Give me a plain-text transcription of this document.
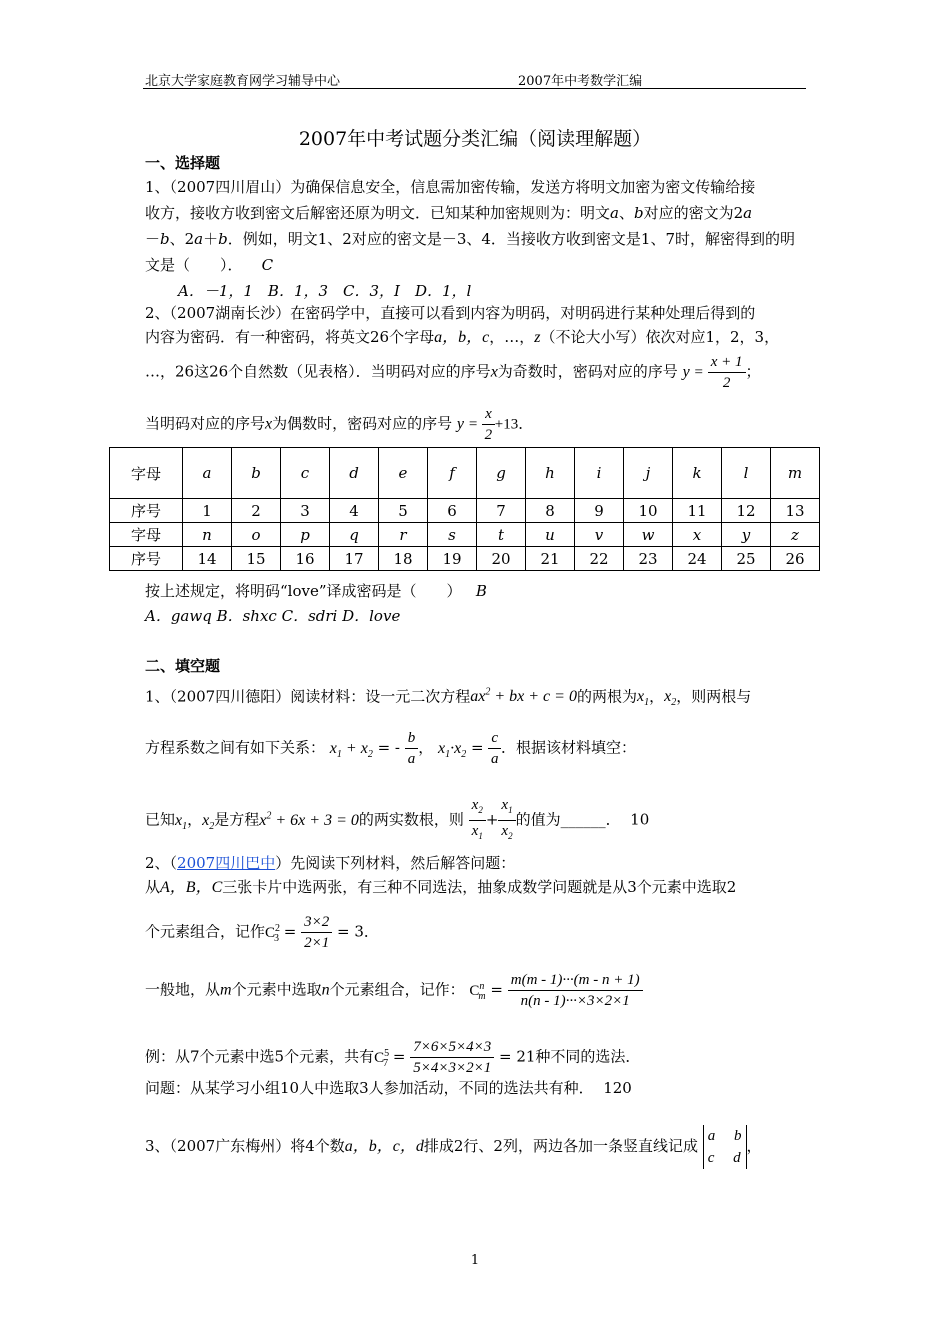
北京大学家庭教育网学习辅导中心	2007年中考数学汇编
2007年中考试题分类汇编（阅读理解题）
一、选择题
1、（2007四川眉山）为确保信息安全，信息需加密传输，发送方将明文加密为密文传输给接
收方，接收方收到密文后解密还原为明文．已知某种加密规则为：明文a、b对应的密文为2a
－b、2a＋b．例如，明文1、2对应的密文是－3、4．当接收方收到密文是1、7时，解密得到的明
文是（　　）． C
A．－1，1　B．1，3　C．3，I　D．1，l
2、（2007湖南长沙）在密码学中，直接可以看到内容为明码，对明码进行某种处理后得到的
内容为密码．有一种密码，将英文26个字母a，b，c，…，z（不论大小写）依次对应1，2，3，
…，26这26个自然数（见表格）．当明码对应的序号x为奇数时，密码对应的序号 $y = \frac{x + 1}{2}$ ；
当明码对应的序号x为偶数时，密码对应的序号 $y = \frac{x}{2} +13$．
字母	a	b	c	d	e	f	g	h	i	j	k	l	m
序号	1	2	3	4	5	6	7	8	9	10	11	12	13
字母	n	o	p	q	r	s	t	u	v	w	x	y	z
序号	14	15	16	17	18	19	20	21	22	23	24	25	26
按上述规定，将明码“love”译成密码是（　　） B
A．gawq B．shxc C．sdri D．love
二、填空题
1、（2007四川德阳）阅读材料：设一元二次方程$ax^2$ + bx + c = 0的两根为$x_1$，$x_2$，则两根与
方程系数之间有如下关系： $x_1 + x_2$ = - $\frac{b}{a}$ ， $x_1\cdot x_2 = \frac{c}{a}$ ．根据该材料填空：
已知$x_1$，$x_2$是方程$x^2 + 6x + 3 = 0$的两实数根，则 $\frac{x_2}{x_1} + \frac{x_1}{x_2}$ 的值为______． 10
2、（2007四川巴中）先阅读下列材料，然后解答问题：
从A，B，C三张卡片中选两张，有三种不同选法，抽象成数学问题就是从3个元素中选取2
个元素组合，记作$C^2_3 = \frac{3\times 2}{2\times 1} = 3$．
一般地，从m个元素中选取n个元素组合，记作： $C^n_m = \frac{m(m - 1)\cdot\cdot\cdot(m - n + 1)}{n(n - 1)\cdot\cdot\cdot\times 3\times 2\times 1}$
例：从7个元素中选5个元素，共有$C^5_7 = \frac{7\times 6\times 5\times 4\times 3}{5\times 4\times 3\times 2\times 1} = 21$种不同的选法．
问题：从某学习小组10人中选取3人参加活动，不同的选法共有种． 120
3、（2007广东梅州）将4个数a，b，c，d排成2行、2列，两边各加一条竖直线记成 a     b
c     d，
1
